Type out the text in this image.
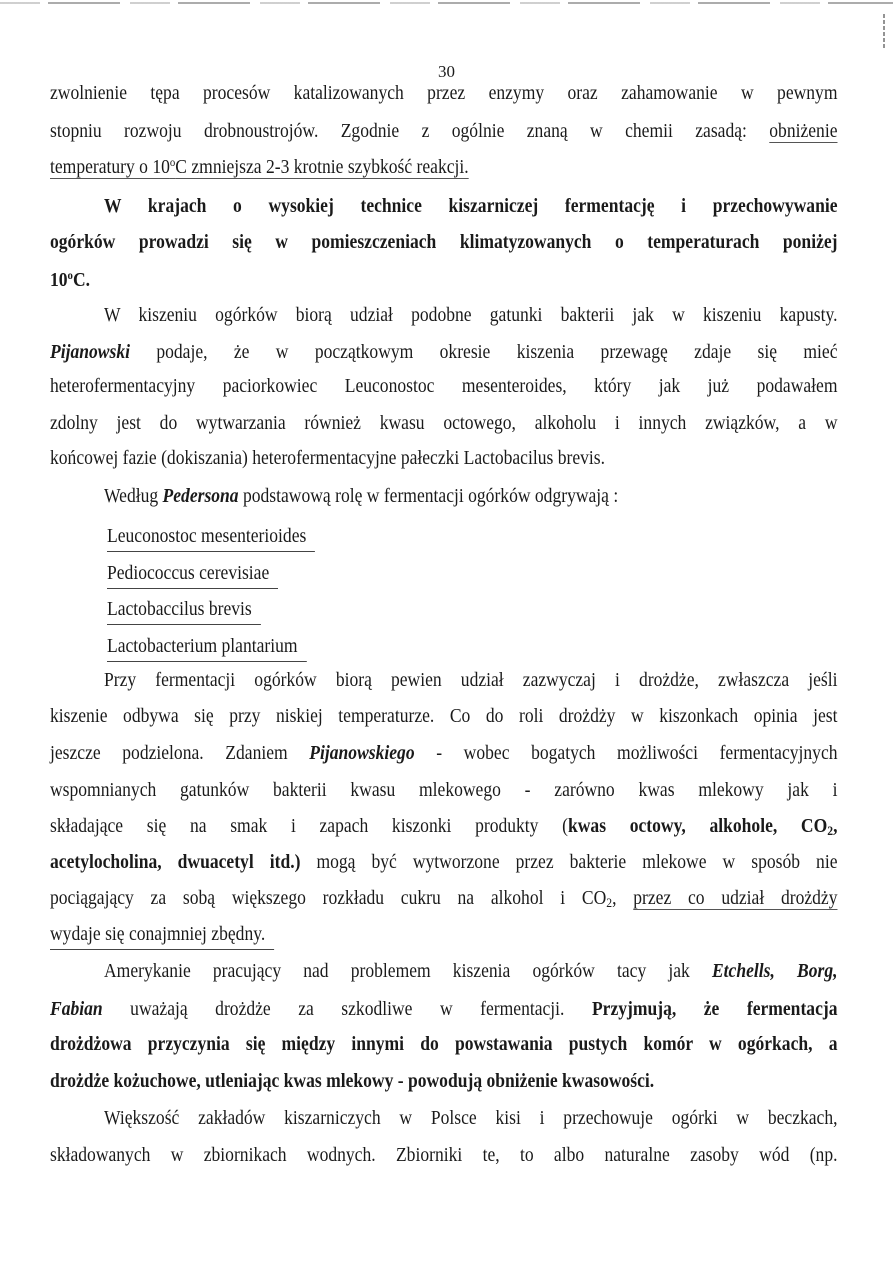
30
zwolnienie tępa procesów katalizowanych przez enzymy oraz zahamowanie w pewnym
stopniu rozwoju drobnoustrojów. Zgodnie z ogólnie znaną w chemii zasadą: obniżenie
temperatury o 10$^o$C zmniejsza 2-3 krotnie szybkość reakcji.
W krajach o wysokiej technice kiszarniczej fermentację i przechowywanie
ogórków prowadzi się w pomieszczeniach klimatyzowanych o temperaturach poniżej
10$^o$C.
W kiszeniu ogórków biorą udział podobne gatunki bakterii jak w kiszeniu kapusty.
Pijanowski podaje, że w początkowym okresie kiszenia przewagę zdaje się mieć
heterofermentacyjny paciorkowiec Leuconostoc mesenteroides, który jak już podawałem
zdolny jest do wytwarzania również kwasu octowego, alkoholu i innych związków, a w
końcowej fazie (dokiszania) heterofermentacyjne pałeczki Lactobacilus brevis.
Według Pedersona podstawową rolę w fermentacji ogórków odgrywają :
Leuconostoc mesenterioides
Pediococcus cerevisiae
Lactobaccilus brevis
Lactobacterium plantarium
Przy fermentacji ogórków biorą pewien udział zazwyczaj i drożdże, zwłaszcza jeśli
kiszenie odbywa się przy niskiej temperaturze. Co do roli drożdży w kiszonkach opinia jest
jeszcze podzielona. Zdaniem Pijanowskiego - wobec bogatych możliwości fermentacyjnych
wspomnianych gatunków bakterii kwasu mlekowego - zarówno kwas mlekowy jak i
składające się na smak i zapach kiszonki produkty (kwas octowy, alkohole, $CO_2$,
acetylocholina, dwuacetyl itd.) mogą być wytworzone przez bakterie mlekowe w sposób nie
pociągający za sobą większego rozkładu cukru na alkohol i $CO_2$, przez co udział drożdży
wydaje się conajmniej zbędny.
Amerykanie pracujący nad problemem kiszenia ogórków tacy jak Etchells, Borg,
Fabian uważają drożdże za szkodliwe w fermentacji. Przyjmują, że fermentacja
drożdżowa przyczynia się między innymi do powstawania pustych komór w ogórkach, a
drożdże kożuchowe, utleniając kwas mlekowy - powodują obniżenie kwasowości.
Większość zakładów kiszarniczych w Polsce kisi i przechowuje ogórki w beczkach,
składowanych w zbiornikach wodnych. Zbiorniki te, to albo naturalne zasoby wód (np.
